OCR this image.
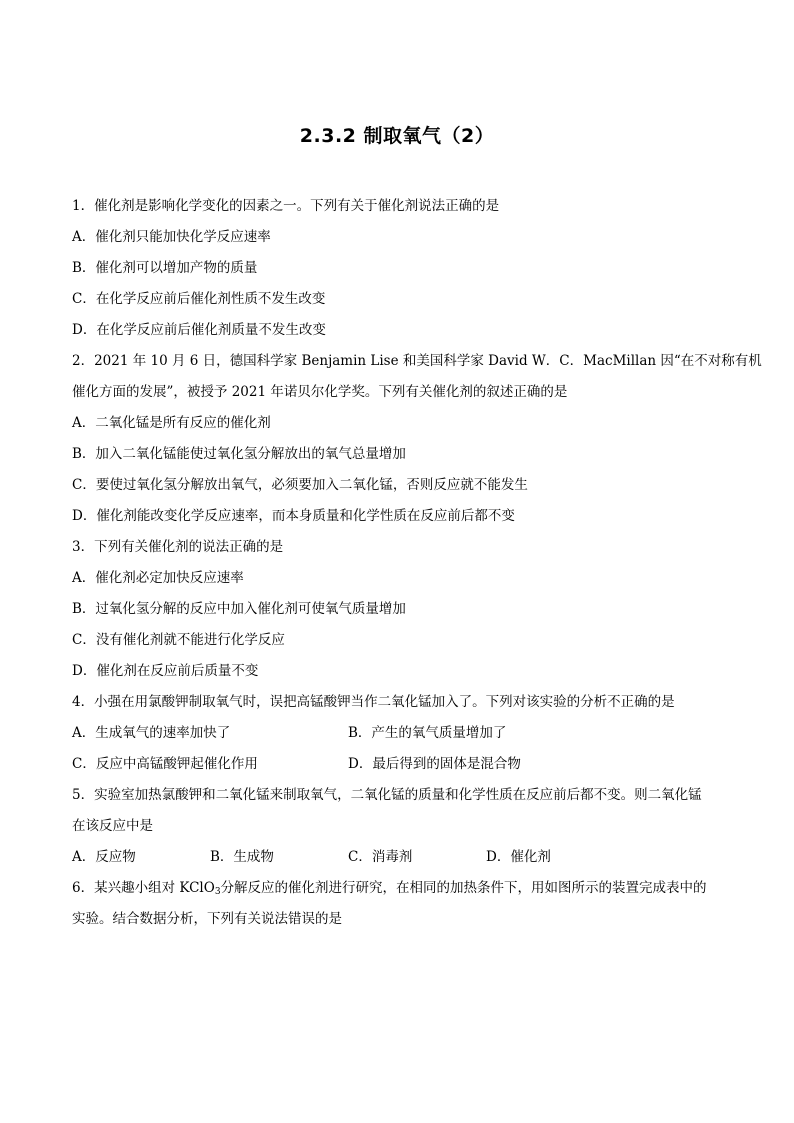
2.3.2 制取氧气（2）
1．催化剂是影响化学变化的因素之一。下列有关于催化剂说法正确的是
A．催化剂只能加快化学反应速率
B．催化剂可以增加产物的质量
C．在化学反应前后催化剂性质不发生改变
D．在化学反应前后催化剂质量不发生改变
2．2021 年 10 月 6 日，德国科学家 Benjamin Lise 和美国科学家 David W．C．MacMillan 因“在不对称有机
催化方面的发展”，被授予 2021 年诺贝尔化学奖。下列有关催化剂的叙述正确的是
A．二氧化锰是所有反应的催化剂
B．加入二氧化锰能使过氧化氢分解放出的氧气总量增加
C．要使过氧化氢分解放出氧气，必须要加入二氧化锰，否则反应就不能发生
D．催化剂能改变化学反应速率，而本身质量和化学性质在反应前后都不变
3．下列有关催化剂的说法正确的是
A．催化剂必定加快反应速率
B．过氧化氢分解的反应中加入催化剂可使氧气质量增加
C．没有催化剂就不能进行化学反应
D．催化剂在反应前后质量不变
4．小强在用氯酸钾制取氧气时，误把高锰酸钾当作二氧化锰加入了。下列对该实验的分析不正确的是
A．生成氧气的速率加快了	B．产生的氧气质量增加了
C．反应中高锰酸钾起催化作用	D．最后得到的固体是混合物
5．实验室加热氯酸钾和二氧化锰来制取氧气，二氧化锰的质量和化学性质在反应前后都不变。则二氧化锰
在该反应中是
A．反应物	B．生成物	C．消毒剂	D．催化剂
6．某兴趣小组对 KClO$_3$分解反应的催化剂进行研究，在相同的加热条件下，用如图所示的装置完成表中的
实验。结合数据分析，下列有关说法错误的是
